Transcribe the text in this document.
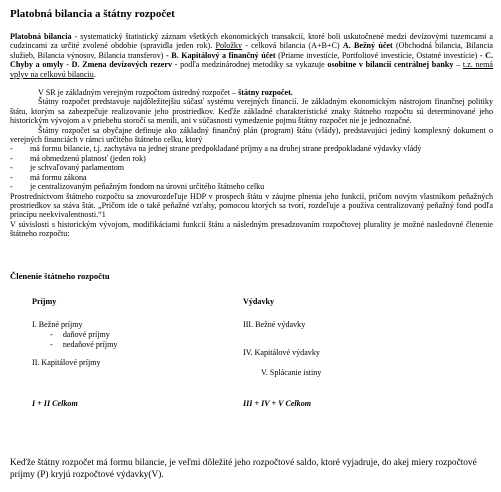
Platobná bilancia a štátny rozpočet

Platobná bilancia - systematický štatistický záznam všetkých ekonomických transakcií, ktoré boli uskutočnené medzi devízovými tuzemcami a cudzincami za určité zvolené obdobie (spravidla jeden rok). Položky - celková bilancia (A+B+C) A. Bežný účet (Obchodná bilancia, Bilancia služieb, Bilancia výnosov, Bilancia transferov) - B. Kapitálový a finančný účet (Priame investície, Portfoliové investície, Ostatné investície) - C. Chyby a omyly - D. Zmena devízových rezerv - podľa medzinárodnej metodiky sa vykazuje osobitne v bilancii centrálnej banky – t.z. nemá vplyv na celkovú bilanciu.

V SR je základným verejným rozpočtom ústredný rozpočet – štátny rozpočet.

Štátny rozpočet predstavuje najdôležitejšiu súčasť systému verejných financií. Je základným ekonomickým nástrojom finančnej politiky štátu, ktorým sa zabezpečuje realizovanie jeho prostriedkov. Keďže základné charakteristické znaky štátneho rozpočtu sú determinované jeho historickým vývojom a v priebehu storočí sa menili, ani v súčasnosti vymedzenie pojmu štátny rozpočet nie je jednoznačné.

Štátny rozpočet sa obyčajne definuje ako základný finančný plán (program) štátu (vlády), predstavujúci jediný komplexný dokument o verejných financiách v rámci určitého štátneho celku, ktorý

- má formu bilancie, t.j. zachytáva na jednej strane predpokladané príjmy a na druhej strane predpokladané výdavky vládý
- má obmedzenú platnosť (jeden rok)
- je schvaľovaný parlamentom
- má formu zákona
- je centralizovaným peňažným fondom na úrovni určitého štátneho celku

Prostredníctvom štátneho rozpočtu sa znovurozdeľuje HDP v prospech štátu v záujme plnenia jeho funkcií, pričom novým vlastníkom peňažných prostriedkov sa stáva štát. „Pričom ide o také peňažné vzťahy, pomocou ktorých sa tvorí, rozdeľuje a používa centralizovaný peňažný fond podľa princípu neekvivalentnosti.“1

V súvislosti s historickým vývojom, modifikáciami funkcií štátu a následným presadzovaním rozpočtovej plurality je možné nasledovné členenie štátneho rozpočtu:

Členenie štátneho rozpočtu
Príjmy
I. Bežné príjmy
-     daňové príjmy
-     nedaňové príjmy
II. Kapitálové príjmy
I + II Celkom
Výdavky
III. Bežné výdavky
IV. Kapitálové výdavky
V. Splácanie istiny
III + IV + V Celkom

Keďže štátny rozpočet má formu bilancie, je veľmi dôležité jeho rozpočtové saldo, ktoré vyjadruje, do akej miery rozpočtové príjmy (P) kryjú rozpočtové výdavky(V).
